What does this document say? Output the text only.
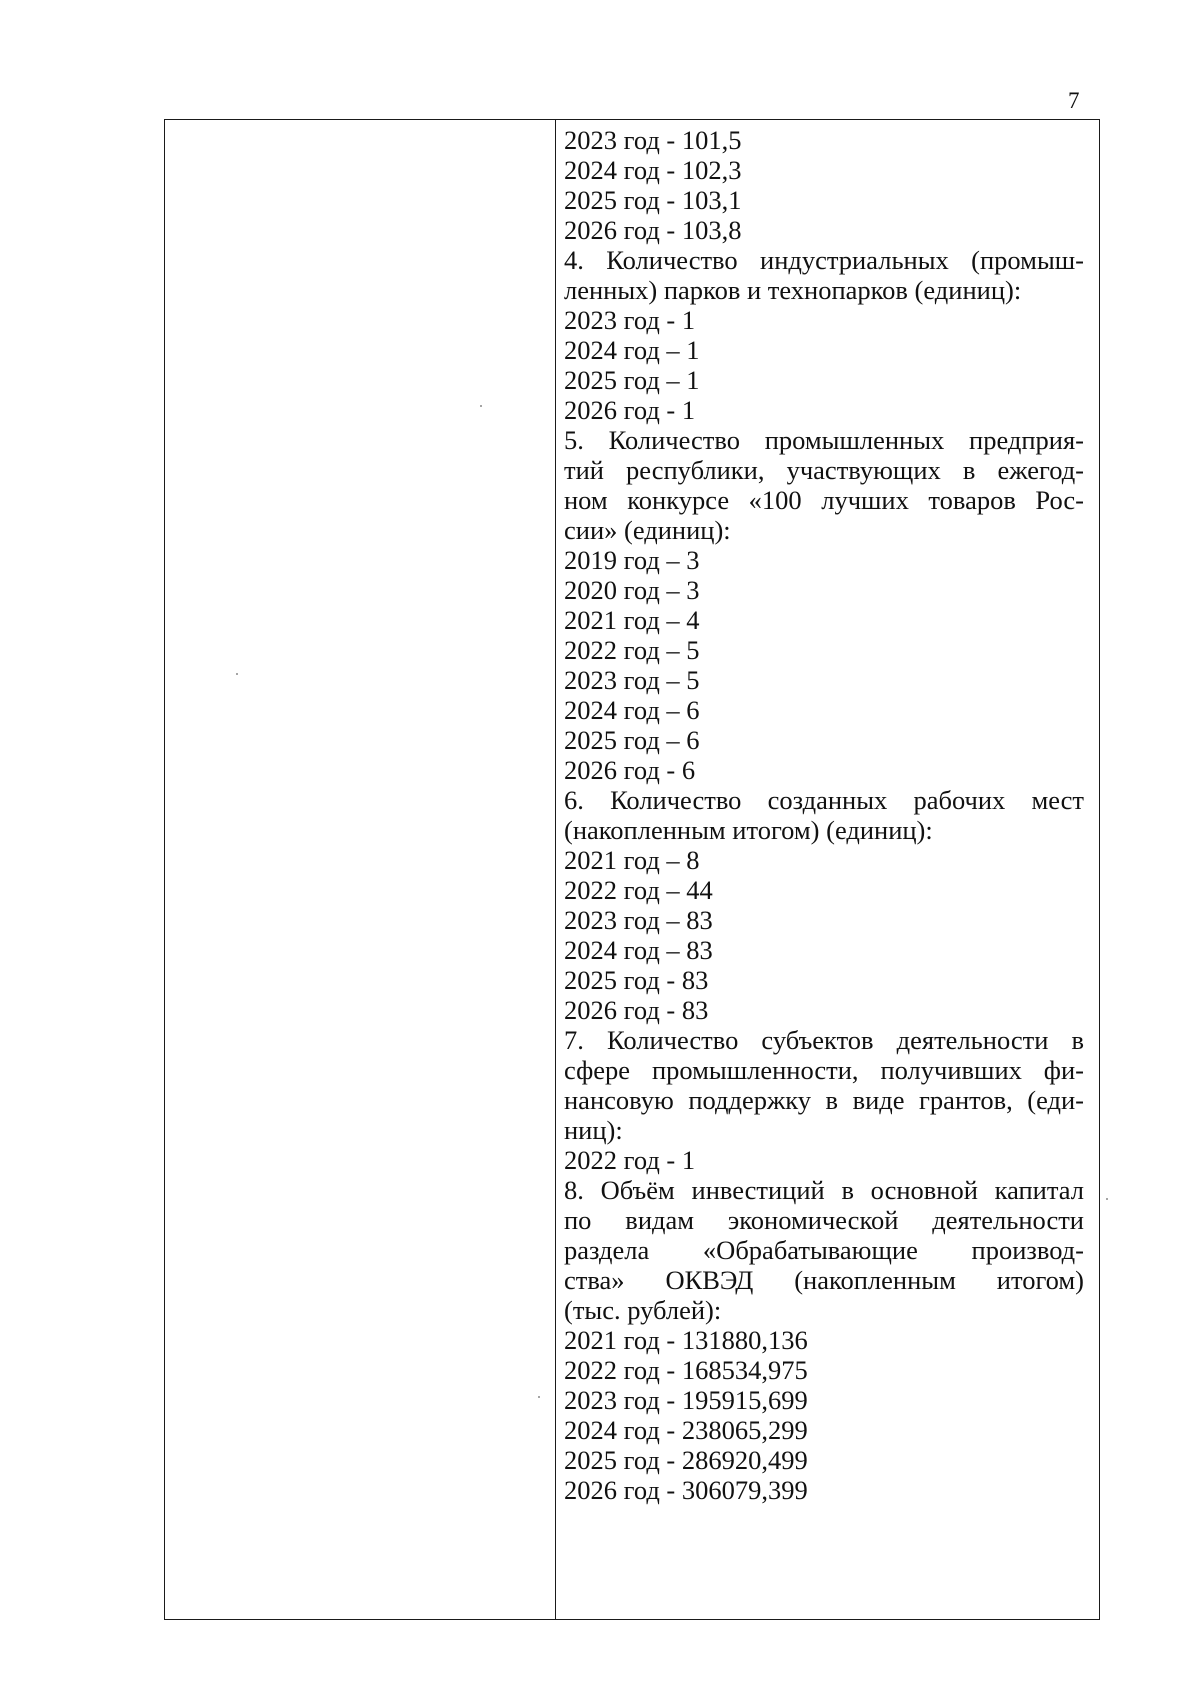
7
2023 год - 101,5
2024 год - 102,3
2025 год - 103,1
2026 год - 103,8
4. Количество индустриальных (промыш-
ленных) парков и технопарков (единиц):
2023 год - 1
2024 год – 1
2025 год – 1
2026 год - 1
5. Количество промышленных предприя-
тий республики, участвующих в ежегод-
ном конкурсе «100 лучших товаров Рос-
сии» (единиц):
2019 год – 3
2020 год – 3
2021 год – 4
2022 год – 5
2023 год – 5
2024 год – 6
2025 год – 6
2026 год - 6
6. Количество созданных рабочих мест
(накопленным итогом) (единиц):
2021 год – 8
2022 год – 44
2023 год – 83
2024 год – 83
2025 год - 83
2026 год - 83
7. Количество субъектов деятельности в
сфере промышленности, получивших фи-
нансовую поддержку в виде грантов, (еди-
ниц):
2022 год - 1
8. Объём инвестиций в основной капитал
по видам экономической деятельности
раздела «Обрабатывающие производ-
ства» ОКВЭД (накопленным итогом)
(тыс. рублей):
2021 год - 131880,136
2022 год - 168534,975
2023 год - 195915,699
2024 год - 238065,299
2025 год - 286920,499
2026 год - 306079,399
